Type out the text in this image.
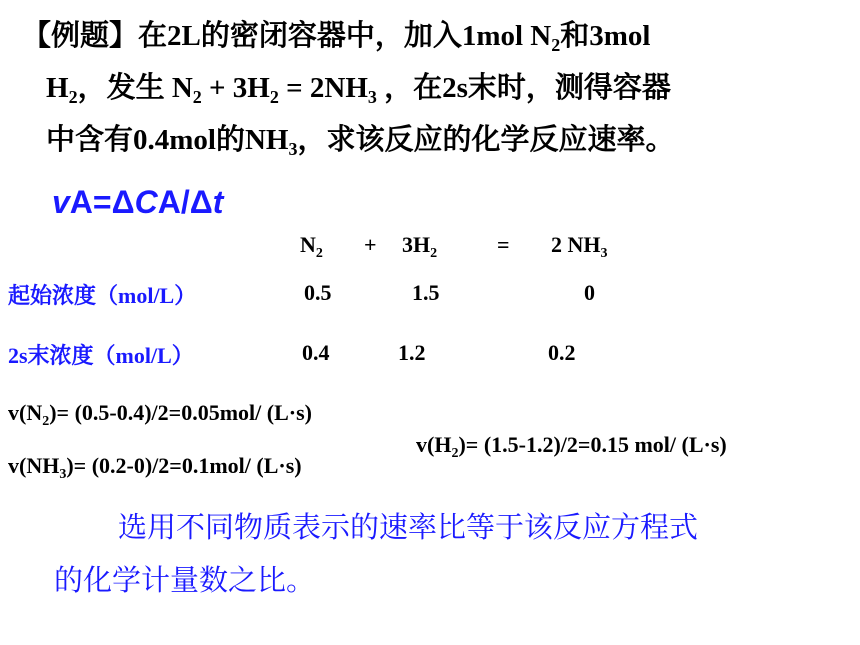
【例题】在2L的密闭容器中，加入1mol $N_2$和3mol
$H_2$，发生 $N_2 + 3H_2 = 2NH_3$ ，在2s末时，测得容器
中含有0.4mol的$NH_3$，求该反应的化学反应速率。
vA=ΔCA/Δt
$N_2 + 3H_2$	= 2 $NH_3$
起始浓度（mol/L）	0.5	1.5	0
2s末浓度（mol/L）	0.4	1.2	0.2
$v(N_2)= (0.5-0.4)/2=0.05mol/$ (L·s)
$v(H_2)= (1.5-1.2)/2=0.15$ mol/ (L·s)
$v(NH_3)= (0.2-0)/2=0.1mol/$ (L·s)
选用不同物质表示的速率比等于该反应方程式
的化学计量数之比。
